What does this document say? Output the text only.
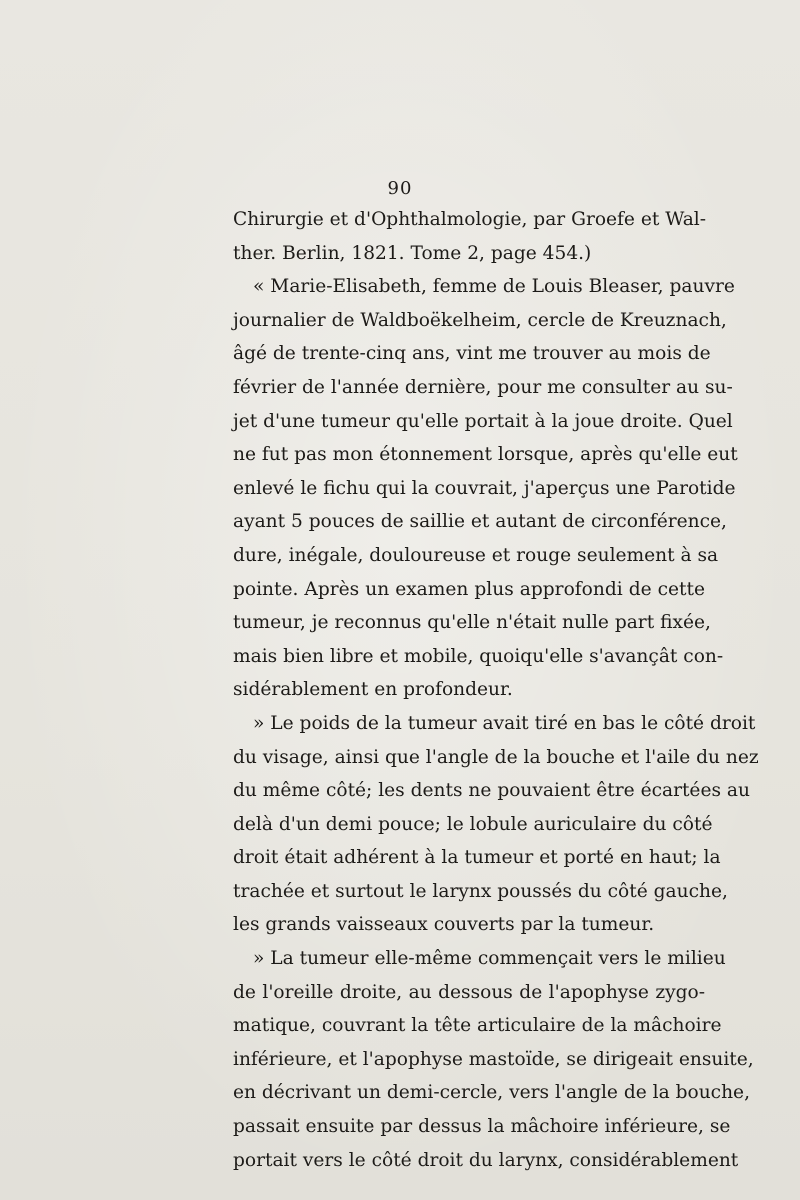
90
Chirurgie et d'Ophthalmologie, par Groefe et Wal-
ther. Berlin, 1821. Tome 2, page 454.)
« Marie-Elisabeth, femme de Louis Bleaser, pauvre
journalier de Waldboëkelheim, cercle de Kreuznach,
âgé de trente-cinq ans, vint me trouver au mois de
février de l'année dernière, pour me consulter au su-
jet d'une tumeur qu'elle portait à la joue droite. Quel
ne fut pas mon étonnement lorsque, après qu'elle eut
enlevé le fichu qui la couvrait, j'aperçus une Parotide
ayant 5 pouces de saillie et autant de circonférence,
dure, inégale, douloureuse et rouge seulement à sa
pointe. Après un examen plus approfondi de cette
tumeur, je reconnus qu'elle n'était nulle part fixée,
mais bien libre et mobile, quoiqu'elle s'avançât con-
sidérablement en profondeur.
» Le poids de la tumeur avait tiré en bas le côté droit
du visage, ainsi que l'angle de la bouche et l'aile du nez
du même côté; les dents ne pouvaient être écartées au
delà d'un demi pouce; le lobule auriculaire du côté
droit était adhérent à la tumeur et porté en haut; la
trachée et surtout le larynx poussés du côté gauche,
les grands vaisseaux couverts par la tumeur.
» La tumeur elle-même commençait vers le milieu
de l'oreille droite, au dessous de l'apophyse zygo-
matique, couvrant la tête articulaire de la mâchoire
inférieure, et l'apophyse mastoïde, se dirigeait ensuite,
en décrivant un demi-cercle, vers l'angle de la bouche,
passait ensuite par dessus la mâchoire inférieure, se
portait vers le côté droit du larynx, considérablement
